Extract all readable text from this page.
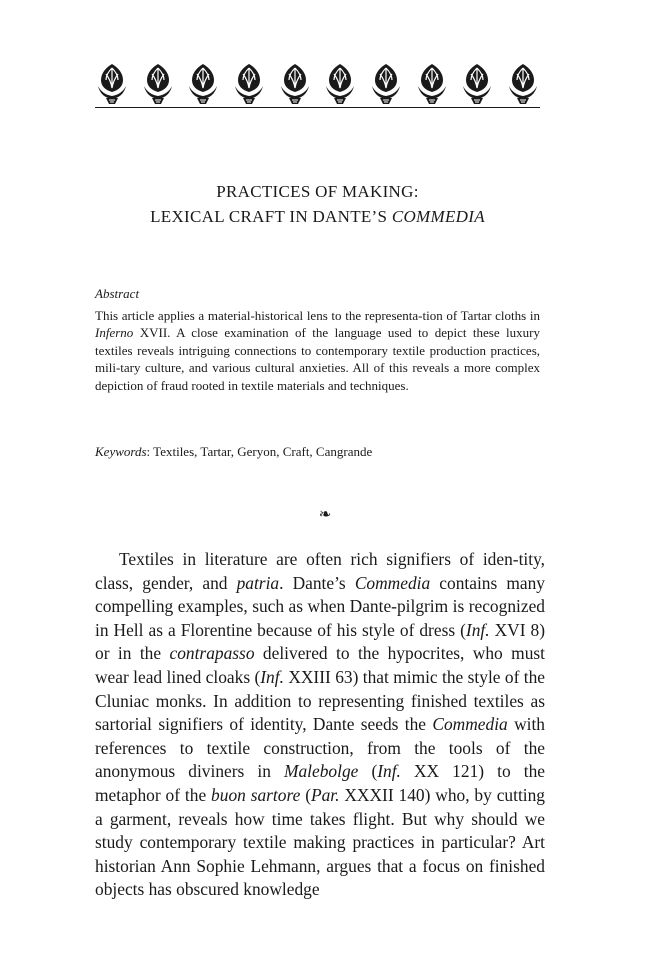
PRACTICES OF MAKING:
LEXICAL CRAFT IN DANTE’S COMMEDIA

Abstract

This article applies a material-historical lens to the representa-tion of Tartar cloths in Inferno XVII. A close examination of the language used to depict these luxury textiles reveals intriguing connections to contemporary textile production practices, mili-tary culture, and various cultural anxieties. All of this reveals a more complex depiction of fraud rooted in textile materials and techniques.

Keywords: Textiles, Tartar, Geryon, Craft, Cangrande

❧

Textiles in literature are often rich signifiers of iden-tity, class, gender, and patria. Dante’s Commedia contains many compelling examples, such as when Dante-pilgrim is recognized in Hell as a Florentine because of his style of dress (Inf. XVI 8) or in the contrapasso delivered to the hypocrites, who must wear lead lined cloaks (Inf. XXIII 63) that mimic the style of the Cluniac monks. In addition to representing finished textiles as sartorial signifiers of identity, Dante seeds the Commedia with references to textile construction, from the tools of the anonymous diviners in Malebolge (Inf. XX 121) to the metaphor of the buon sartore (Par. XXXII 140) who, by cutting a garment, reveals how time takes flight. But why should we study contemporary textile making practices in particular? Art historian Ann Sophie Lehmann, argues that a focus on finished objects has obscured knowledge
